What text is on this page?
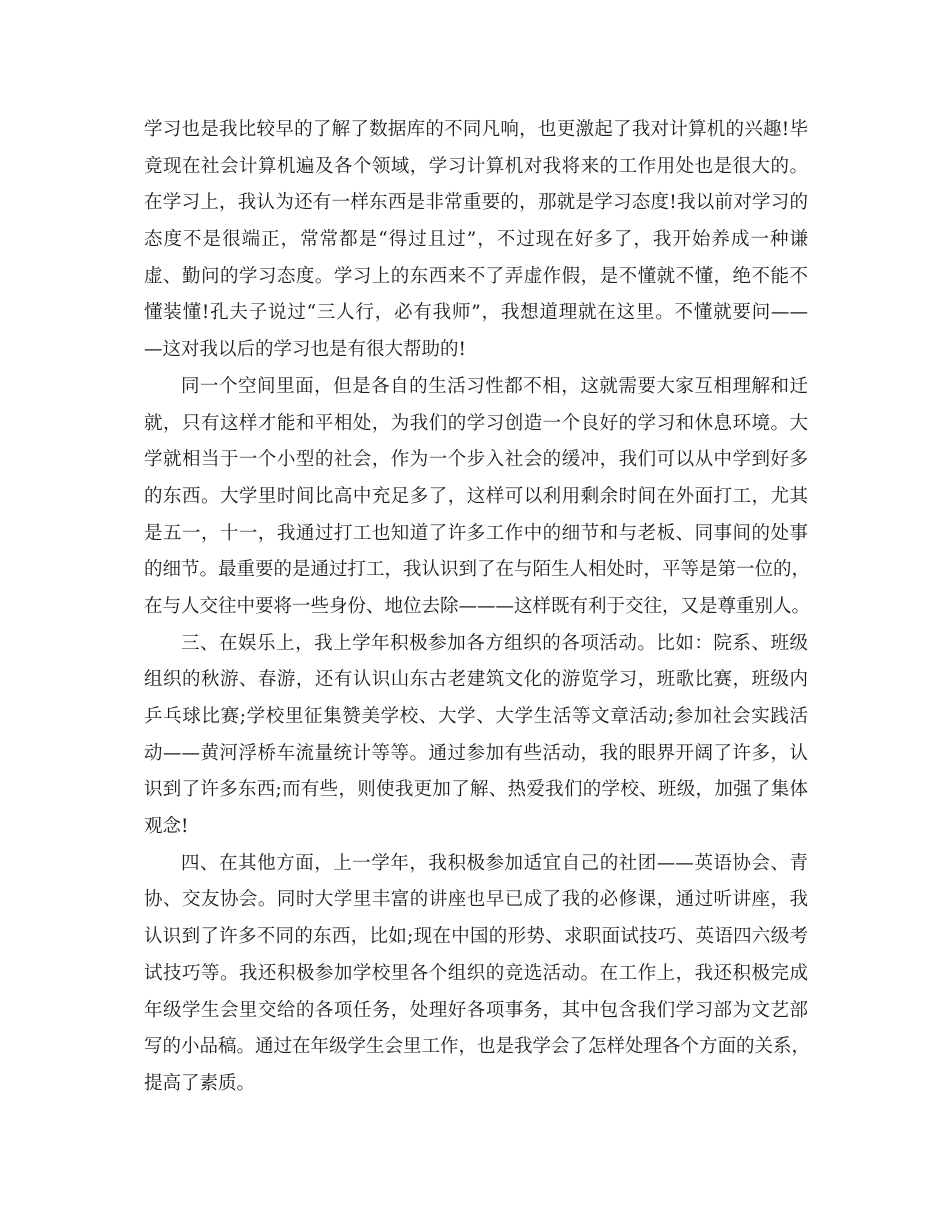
学习也是我比较早的了解了数据库的不同凡响，也更激起了我对计算机的兴趣!毕
竟现在社会计算机遍及各个领域，学习计算机对我将来的工作用处也是很大的。
在学习上，我认为还有一样东西是非常重要的，那就是学习态度!我以前对学习的
态度不是很端正，常常都是“得过且过”，不过现在好多了，我开始养成一种谦
虚、勤问的学习态度。学习上的东西来不了弄虚作假，是不懂就不懂，绝不能不
懂装懂!孔夫子说过“三人行，必有我师”，我想道理就在这里。不懂就要问——
—这对我以后的学习也是有很大帮助的!
同一个空间里面，但是各自的生活习性都不相，这就需要大家互相理解和迁
就，只有这样才能和平相处，为我们的学习创造一个良好的学习和休息环境。大
学就相当于一个小型的社会，作为一个步入社会的缓冲，我们可以从中学到好多
的东西。大学里时间比高中充足多了，这样可以利用剩余时间在外面打工，尤其
是五一，十一，我通过打工也知道了许多工作中的细节和与老板、同事间的处事
的细节。最重要的是通过打工，我认识到了在与陌生人相处时，平等是第一位的，
在与人交往中要将一些身份、地位去除———这样既有利于交往，又是尊重别人。
三、在娱乐上，我上学年积极参加各方组织的各项活动。比如：院系、班级
组织的秋游、春游，还有认识山东古老建筑文化的游览学习，班歌比赛，班级内
乒乓球比赛;学校里征集赞美学校、大学、大学生活等文章活动;参加社会实践活
动——黄河浮桥车流量统计等等。通过参加有些活动，我的眼界开阔了许多，认
识到了许多东西;而有些，则使我更加了解、热爱我们的学校、班级，加强了集体
观念!
四、在其他方面，上一学年，我积极参加适宜自己的社团——英语协会、青
协、交友协会。同时大学里丰富的讲座也早已成了我的必修课，通过听讲座，我
认识到了许多不同的东西，比如;现在中国的形势、求职面试技巧、英语四六级考
试技巧等。我还积极参加学校里各个组织的竞选活动。在工作上，我还积极完成
年级学生会里交给的各项任务，处理好各项事务，其中包含我们学习部为文艺部
写的小品稿。通过在年级学生会里工作，也是我学会了怎样处理各个方面的关系，
提高了素质。
